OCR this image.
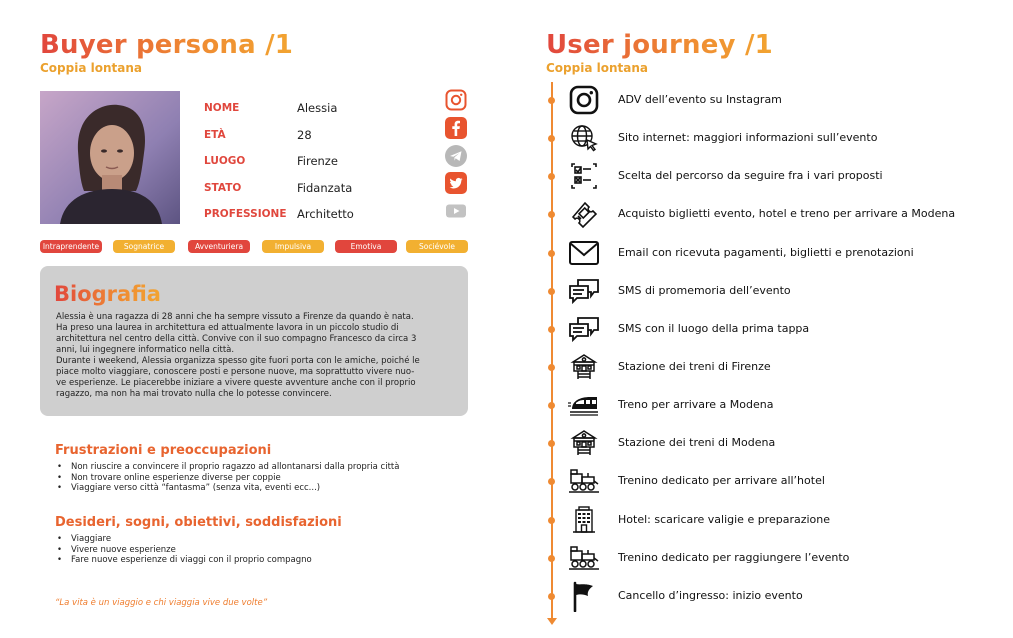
Buyer persona /1
Coppia lontana
NOME	Alessia
ETÀ	28
LUOGO	Firenze
STATO	Fidanzata
PROFESSIONE Architetto
Intraprendente	Sognatrice	Avventuriera	Impulsiva	Emotiva	Sociévole
Biografia
Alessia è una ragazza di 28 anni che ha sempre vissuto a Firenze da quando è nata.
Ha preso una laurea in architettura ed attualmente lavora in un piccolo studio di
architettura nel centro della città. Convive con il suo compagno Francesco da circa 3
anni, lui ingegnere informatico nella città.
Durante i weekend, Alessia organizza spesso gite fuori porta con le amiche, poiché le
piace molto viaggiare, conoscere posti e persone nuove, ma soprattutto vivere nuo-
ve esperienze. Le piacerebbe iniziare a vivere queste avventure anche con il proprio
ragazzo, ma non ha mai trovato nulla che lo potesse convincere.
Frustrazioni e preoccupazioni
• Non riuscire a convincere il proprio ragazzo ad allontanarsi dalla propria città
• Non trovare online esperienze diverse per coppie
• Viaggiare verso città “fantasma” (senza vita, eventi ecc...)
Desideri, sogni, obiettivi, soddisfazioni
• Viaggiare
• Vivere nuove esperienze
• Fare nuove esperienze di viaggi con il proprio compagno
“La vita è un viaggio e chi viaggia vive due volte”
User journey /1
Coppia lontana
ADV dell’evento su Instagram
Sito internet: maggiori informazioni sull’evento
Scelta del percorso da seguire fra i vari proposti
Acquisto biglietti evento, hotel e treno per arrivare a Modena
Email con ricevuta pagamenti, biglietti e prenotazioni
SMS di promemoria dell’evento
SMS con il luogo della prima tappa
Stazione dei treni di Firenze
Treno per arrivare a Modena
Stazione dei treni di Modena
Trenino dedicato per arrivare all’hotel
Hotel: scaricare valigie e preparazione
Trenino dedicato per raggiungere l’evento
Cancello d’ingresso: inizio evento
